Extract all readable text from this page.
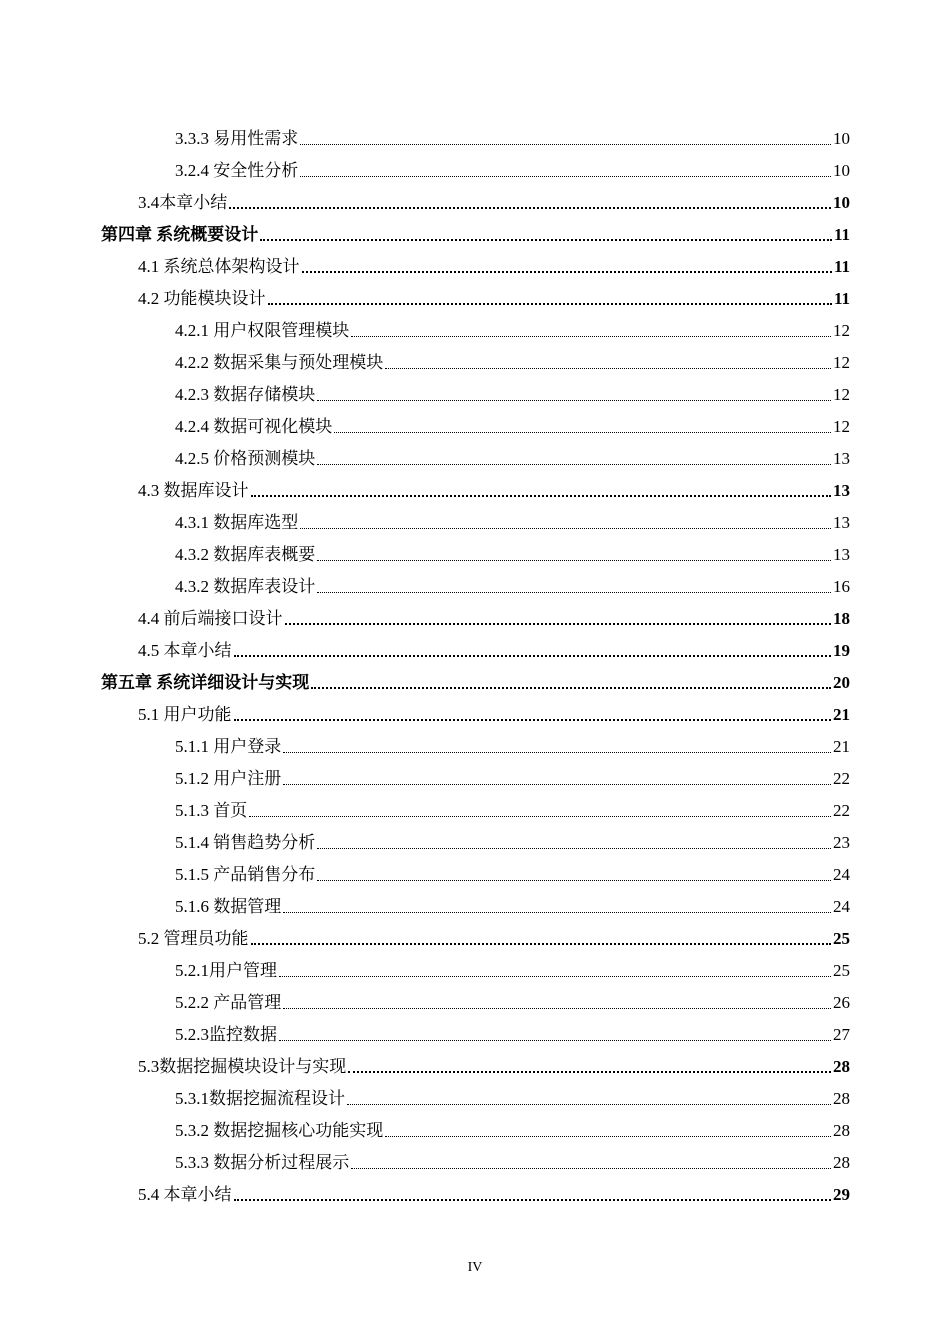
3.3.3 易用性需求	10
3.2.4 安全性分析	10
3.4本章小结	10
第四章 系统概要设计	11
4.1 系统总体架构设计	11
4.2 功能模块设计	11
4.2.1 用户权限管理模块	12
4.2.2 数据采集与预处理模块	12
4.2.3 数据存储模块	12
4.2.4 数据可视化模块	12
4.2.5 价格预测模块	13
4.3 数据库设计	13
4.3.1 数据库选型	13
4.3.2 数据库表概要	13
4.3.2 数据库表设计	16
4.4 前后端接口设计	18
4.5 本章小结	19
第五章 系统详细设计与实现	20
5.1 用户功能	21
5.1.1 用户登录	21
5.1.2 用户注册	22
5.1.3 首页	22
5.1.4 销售趋势分析	23
5.1.5 产品销售分布	24
5.1.6 数据管理	24
5.2 管理员功能	25
5.2.1用户管理	25
5.2.2 产品管理	26
5.2.3监控数据	27
5.3数据挖掘模块设计与实现	28
5.3.1数据挖掘流程设计	28
5.3.2 数据挖掘核心功能实现	28
5.3.3 数据分析过程展示	28
5.4 本章小结	29
IV
